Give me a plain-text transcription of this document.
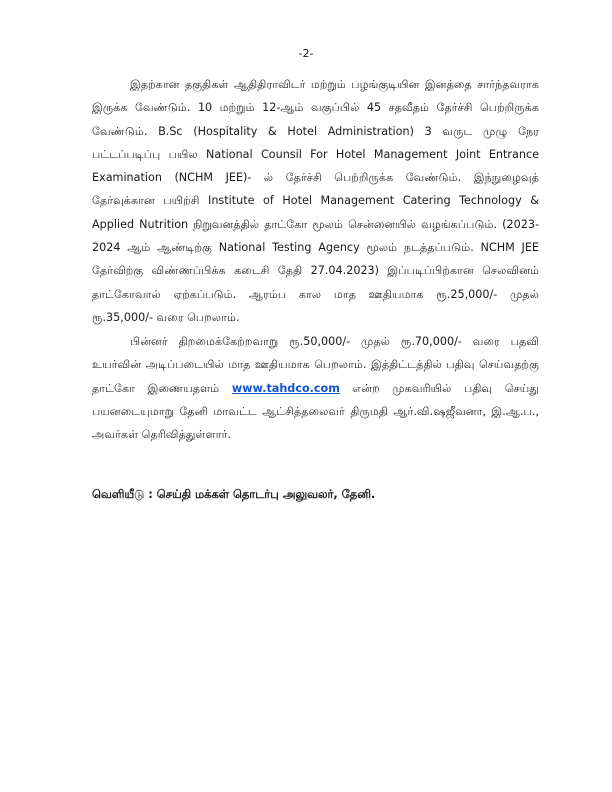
-2-

இதற்கான தகுதிகள் ஆதிதிராவிடர் மற்றும் பழங்குடியின இனத்தை சார்ந்தவராக இருக்க வேண்டும். 10 மற்றும் 12-ஆம் வகுப்பில் 45 சதவீதம் தேர்ச்சி பெற்றிருக்க வேண்டும். B.Sc (Hospitality & Hotel Administration) 3 வருட முழு நேர பட்டப்படிப்பு பயில National Counsil For Hotel Management Joint Entrance Examination (NCHM JEE)- ல் தேர்ச்சி பெற்றிருக்க வேண்டும். இந்நுழைவுத் தேர்வுக்கான பயிற்சி Institute of Hotel Management Catering Technology & Applied Nutrition நிறுவனத்தில் தாட்கோ மூலம் சென்னையில் வழங்கப்படும். (2023-2024 ஆம் ஆண்டிற்கு National Testing Agency மூலம் நடத்தப்படும். NCHM JEE தேர்விற்கு விண்ணப்பிக்க கடைசி தேதி 27.04.2023) இப்படிப்பிற்கான செலவினம் தாட்கோவால் ஏற்கப்படும். ஆரம்ப கால மாத ஊதியமாக ரூ.25,000/- முதல் ரூ.35,000/- வரை பெறலாம்.

பின்னர் திறமைக்கேற்றவாறு ரூ.50,000/- முதல் ரூ.70,000/- வரை பதவி உயர்வின் அடிப்படையில் மாத ஊதியமாக பெறலாம். இத்திட்டத்தில் பதிவு செய்வதற்கு தாட்கோ இணையதளம் www.tahdco.com என்ற முகவரியில் பதிவு செய்து பயனடையுமாறு தேனி மாவட்ட ஆட்சித்தலைவர் திருமதி ஆர்.வி.ஷஜீவனா, இ.ஆ.ப., அவர்கள் தெரிவித்துள்ளார்.

வெளியீடு : செய்தி மக்கள் தொடர்பு அலுவலர், தேனி.
